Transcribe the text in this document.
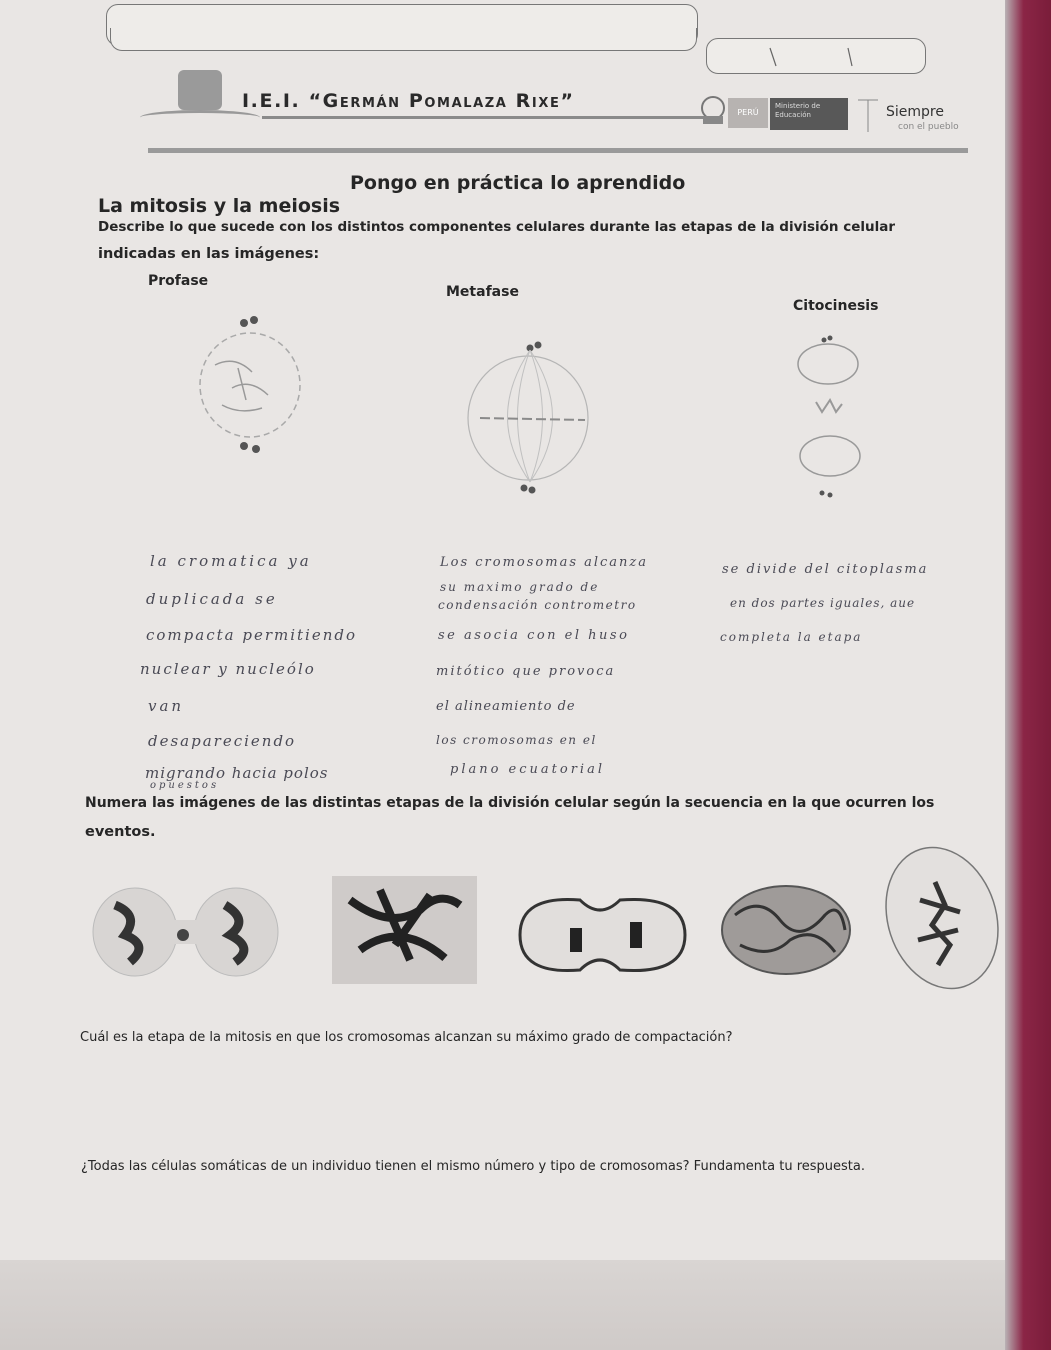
I.E.I. “Germán Pomalaza Rixe”
PERÚ
Ministerio de Educación	Siempre
con el pueblo
Pongo en práctica lo aprendido
La mitosis y la meiosis
Describe lo que sucede con los distintos componentes celulares durante las etapas de la división celular
indicadas en las imágenes:
Profase
Metafase
Citocinesis
la cromatica ya
duplicada se
compacta permitiendo
nuclear y nucleólo
van
desapareciendo
migrando hacia polos
opuestos
Los cromosomas alcanza
su maximo grado de
condensación contrometro
se asocia con el huso
mitótico que provoca
el alineamiento de
los cromosomas en el
plano ecuatorial
se divide del citoplasma
en dos partes iguales, aue
completa la etapa
Numera las imágenes de las distintas etapas de la división celular según la secuencia en la que ocurren los
eventos.
Cuál es la etapa de la mitosis en que los cromosomas alcanzan su máximo grado de compactación?
¿Todas las células somáticas de un individuo tienen el mismo número y tipo de cromosomas? Fundamenta tu respuesta.
